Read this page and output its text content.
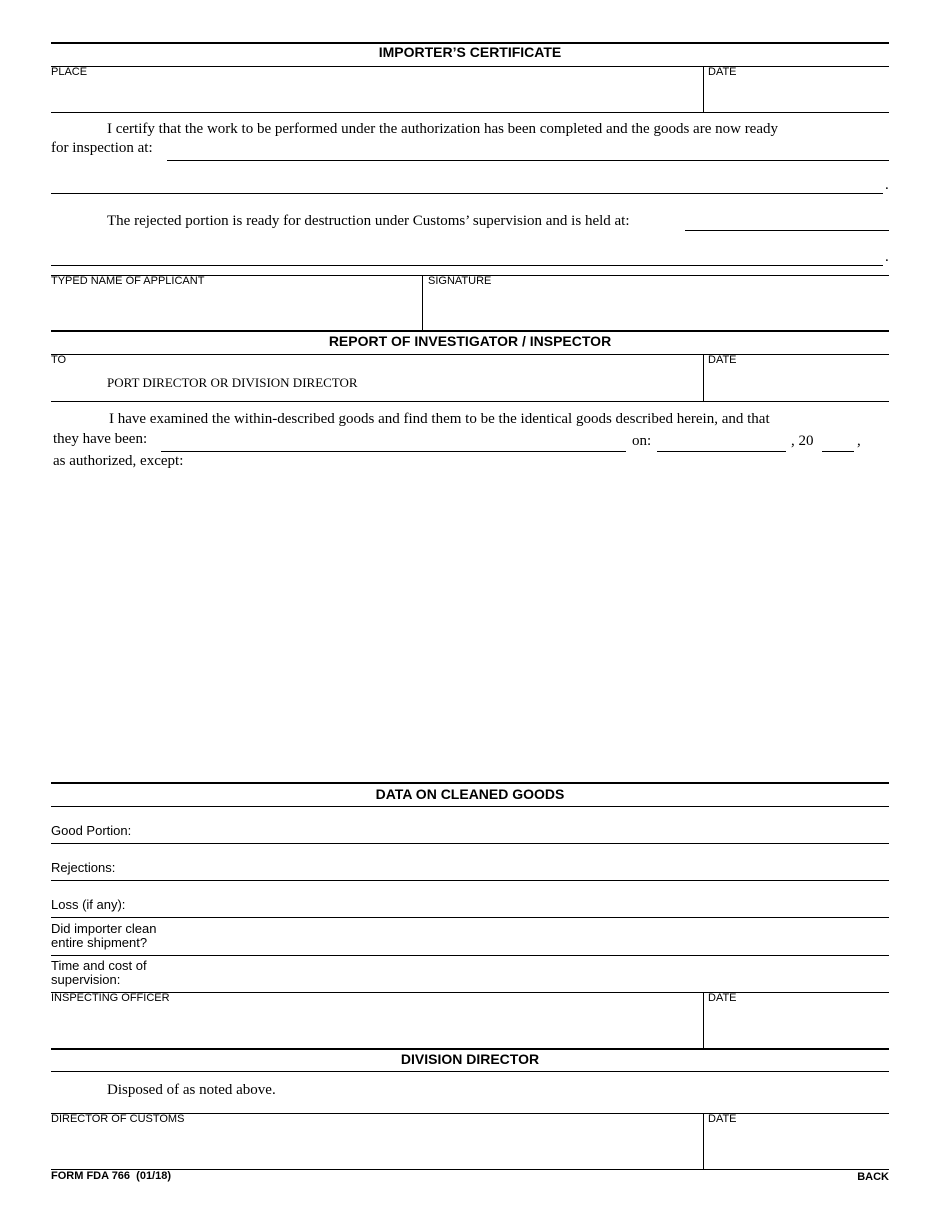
IMPORTER’S CERTIFICATE
PLACE	DATE
I certify that the work to be performed under the authorization has been completed and the goods are now ready
for inspection at:
.
The rejected portion is ready for destruction under Customs’ supervision and is held at:
.
TYPED NAME OF APPLICANT	SIGNATURE
REPORT OF INVESTIGATOR / INSPECTOR
TO
PORT DIRECTOR OR DIVISION DIRECTOR
DATE
I have examined the within-described goods and find them to be the identical goods described herein, and that
they have been:	on:	, 20	,
as authorized, except:
DATA ON CLEANED GOODS
Good Portion:
Rejections:
Loss (if any):
Did importer clean
entire shipment?
Time and cost of
supervision:
INSPECTING OFFICER	DATE
DIVISION DIRECTOR
Disposed of as noted above.
DIRECTOR OF CUSTOMS	DATE
FORM FDA 766  (01/18)	BACK
